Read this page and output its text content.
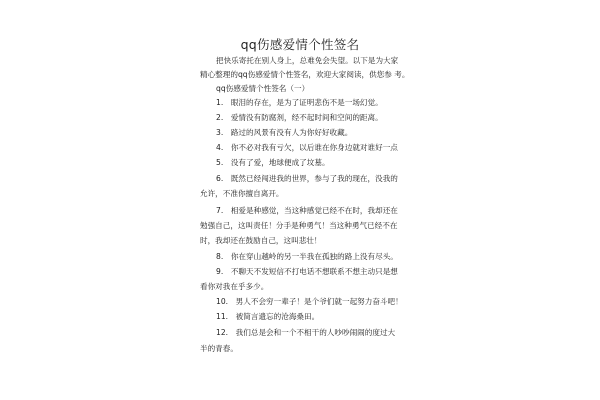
qq伤感爱情个性签名
把快乐寄托在别人身上，总难免会失望。以下是为大家
精心整理的qq伤感爱情个性签名，欢迎大家阅读，供您参 考。
qq伤感爱情个性签名（一）
1.　眼泪的存在，是为了证明悲伤不是一场幻觉。
2.　爱情没有防腐剂，经不起时间和空间的距离。
3.　路过的风景有没有人为你好好收藏。
4.　你不必对我有亏欠，以后谁在你身边就对谁好一点
5.　没有了爱，地球便成了坟墓。
6.　既然已经闯进我的世界，参与了我的现在，没我的
允许，不准你擅自离开。
7.　相爱是种感觉，当这种感觉已经不在时，我却还在
勉强自己，这叫责任！分手是种勇气！当这种勇气已经不在
时，我却还在鼓励自己，这叫悲壮！
8.　你在穿山越岭的另一半我在孤独的路上没有尽头。
9.　不聊天不发短信不打电话不想联系不想主动只是想
看你对我在乎多少。
10.　男人不会穷一辈子！是个爷们就一起努力奋斗吧！
11.　被简言遗忘的沧海桑田。
12.　我们总是会和一个不相干的人吵吵闹闹的度过大
半的青春。
